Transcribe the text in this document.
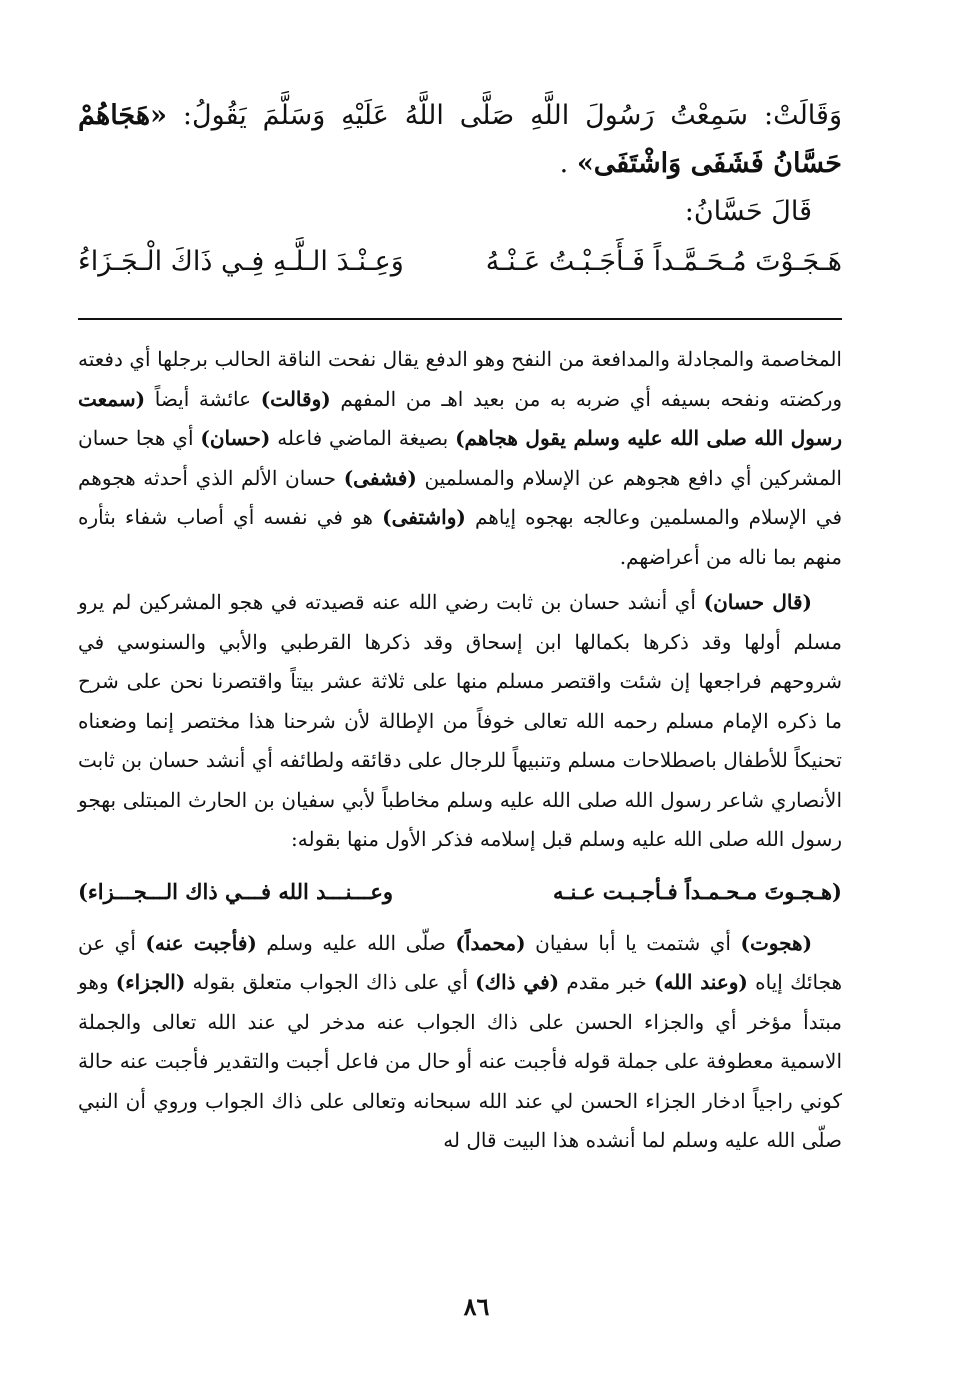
وَقَالَتْ: سَمِعْتُ رَسُولَ اللَّهِ صَلَّى اللَّهُ عَلَيْهِ وَسَلَّمَ يَقُولُ: «هَجَاهُمْ حَسَّانُ فَشَفَى وَاشْتَفَى» .
قَالَ حَسَّانُ:
هَـجَـوْتَ مُـحَـمَّـداً فَـأَجَـبْـتُ عَـنْـهُ
وَعِـنْـدَ الـلَّـهِ فِـي ذَاكَ الْـجَـزَاءُ

المخاصمة والمجادلة والمدافعة من النفح وهو الدفع يقال نفحت الناقة الحالب برجلها أي دفعته وركضته ونفحه بسيفه أي ضربه به من بعيد اهـ من المفهم (وقالت) عائشة أيضاً (سمعت رسول الله صلى الله عليه وسلم يقول هجاهم) بصيغة الماضي فاعله (حسان) أي هجا حسان المشركين أي دافع هجوهم عن الإسلام والمسلمين (فشفى) حسان الألم الذي أحدثه هجوهم في الإسلام والمسلمين وعالجه بهجوه إياهم (واشتفى) هو في نفسه أي أصاب شفاء بثأره منهم بما ناله من أعراضهم.

(قال حسان) أي أنشد حسان بن ثابت رضي الله عنه قصيدته في هجو المشركين لم يرو مسلم أولها وقد ذكرها بكمالها ابن إسحاق وقد ذكرها القرطبي والأبي والسنوسي في شروحهم فراجعها إن شئت واقتصر مسلم منها على ثلاثة عشر بيتاً واقتصرنا نحن على شرح ما ذكره الإمام مسلم رحمه الله تعالى خوفاً من الإطالة لأن شرحنا هذا مختصر إنما وضعناه تحنيكاً للأطفال باصطلاحات مسلم وتنبيهاً للرجال على دقائقه ولطائفه أي أنشد حسان بن ثابت الأنصاري شاعر رسول الله صلى الله عليه وسلم مخاطباً لأبي سفيان بن الحارث المبتلى بهجو رسول الله صلى الله عليه وسلم قبل إسلامه فذكر الأول منها بقوله:

(هـجـوتَ مـحـمـداً فـأجـبـت عـنـه
وعـــنـــد الله فـــي ذاك الـــجـــزاء)

(هجوت) أي شتمت يا أبا سفيان (محمداً) صلّى الله عليه وسلم (فأجبت عنه) أي عن هجائك إياه (وعند الله) خبر مقدم (في ذاك) أي على ذاك الجواب متعلق بقوله (الجزاء) وهو مبتدأ مؤخر أي والجزاء الحسن على ذاك الجواب عنه مدخر لي عند الله تعالى والجملة الاسمية معطوفة على جملة قوله فأجبت عنه أو حال من فاعل أجبت والتقدير فأجبت عنه حالة كوني راجياً ادخار الجزاء الحسن لي عند الله سبحانه وتعالى على ذاك الجواب وروي أن النبي صلّى الله عليه وسلم لما أنشده هذا البيت قال له

٨٦
